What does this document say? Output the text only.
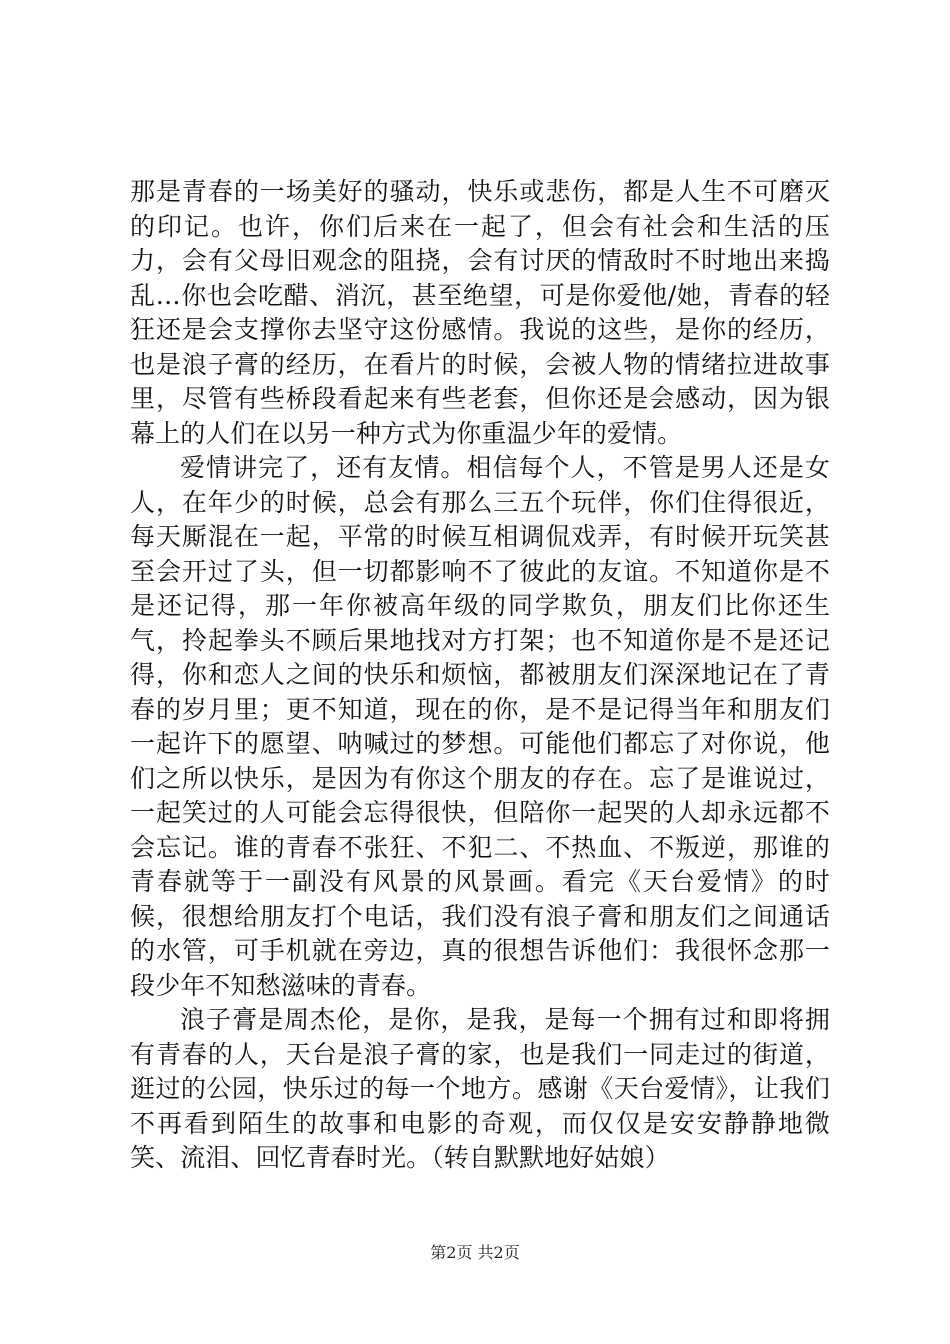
那是青春的一场美好的骚动，快乐或悲伤，都是人生不可磨灭的印记。也许，你们后来在一起了，但会有社会和生活的压力，会有父母旧观念的阻挠，会有讨厌的情敌时不时地出来捣乱…你也会吃醋、消沉，甚至绝望，可是你爱他/她，青春的轻狂还是会支撑你去坚守这份感情。我说的这些，是你的经历，也是浪子膏的经历，在看片的时候，会被人物的情绪拉进故事里，尽管有些桥段看起来有些老套，但你还是会感动，因为银幕上的人们在以另一种方式为你重温少年的爱情。

爱情讲完了，还有友情。相信每个人，不管是男人还是女人，在年少的时候，总会有那么三五个玩伴，你们住得很近，每天厮混在一起，平常的时候互相调侃戏弄，有时候开玩笑甚至会开过了头，但一切都影响不了彼此的友谊。不知道你是不是还记得，那一年你被高年级的同学欺负，朋友们比你还生气，拎起拳头不顾后果地找对方打架；也不知道你是不是还记得，你和恋人之间的快乐和烦恼，都被朋友们深深地记在了青春的岁月里；更不知道，现在的你，是不是记得当年和朋友们一起许下的愿望、呐喊过的梦想。可能他们都忘了对你说，他们之所以快乐，是因为有你这个朋友的存在。忘了是谁说过，一起笑过的人可能会忘得很快，但陪你一起哭的人却永远都不会忘记。谁的青春不张狂、不犯二、不热血、不叛逆，那谁的青春就等于一副没有风景的风景画。看完《天台爱情》的时候，很想给朋友打个电话，我们没有浪子膏和朋友们之间通话的水管，可手机就在旁边，真的很想告诉他们：我很怀念那一段少年不知愁滋味的青春。

浪子膏是周杰伦，是你，是我，是每一个拥有过和即将拥有青春的人，天台是浪子膏的家，也是我们一同走过的街道，逛过的公园，快乐过的每一个地方。感谢《天台爱情》，让我们不再看到陌生的故事和电影的奇观，而仅仅是安安静静地微笑、流泪、回忆青春时光。（转自默默地好姑娘）

第2页 共2页
